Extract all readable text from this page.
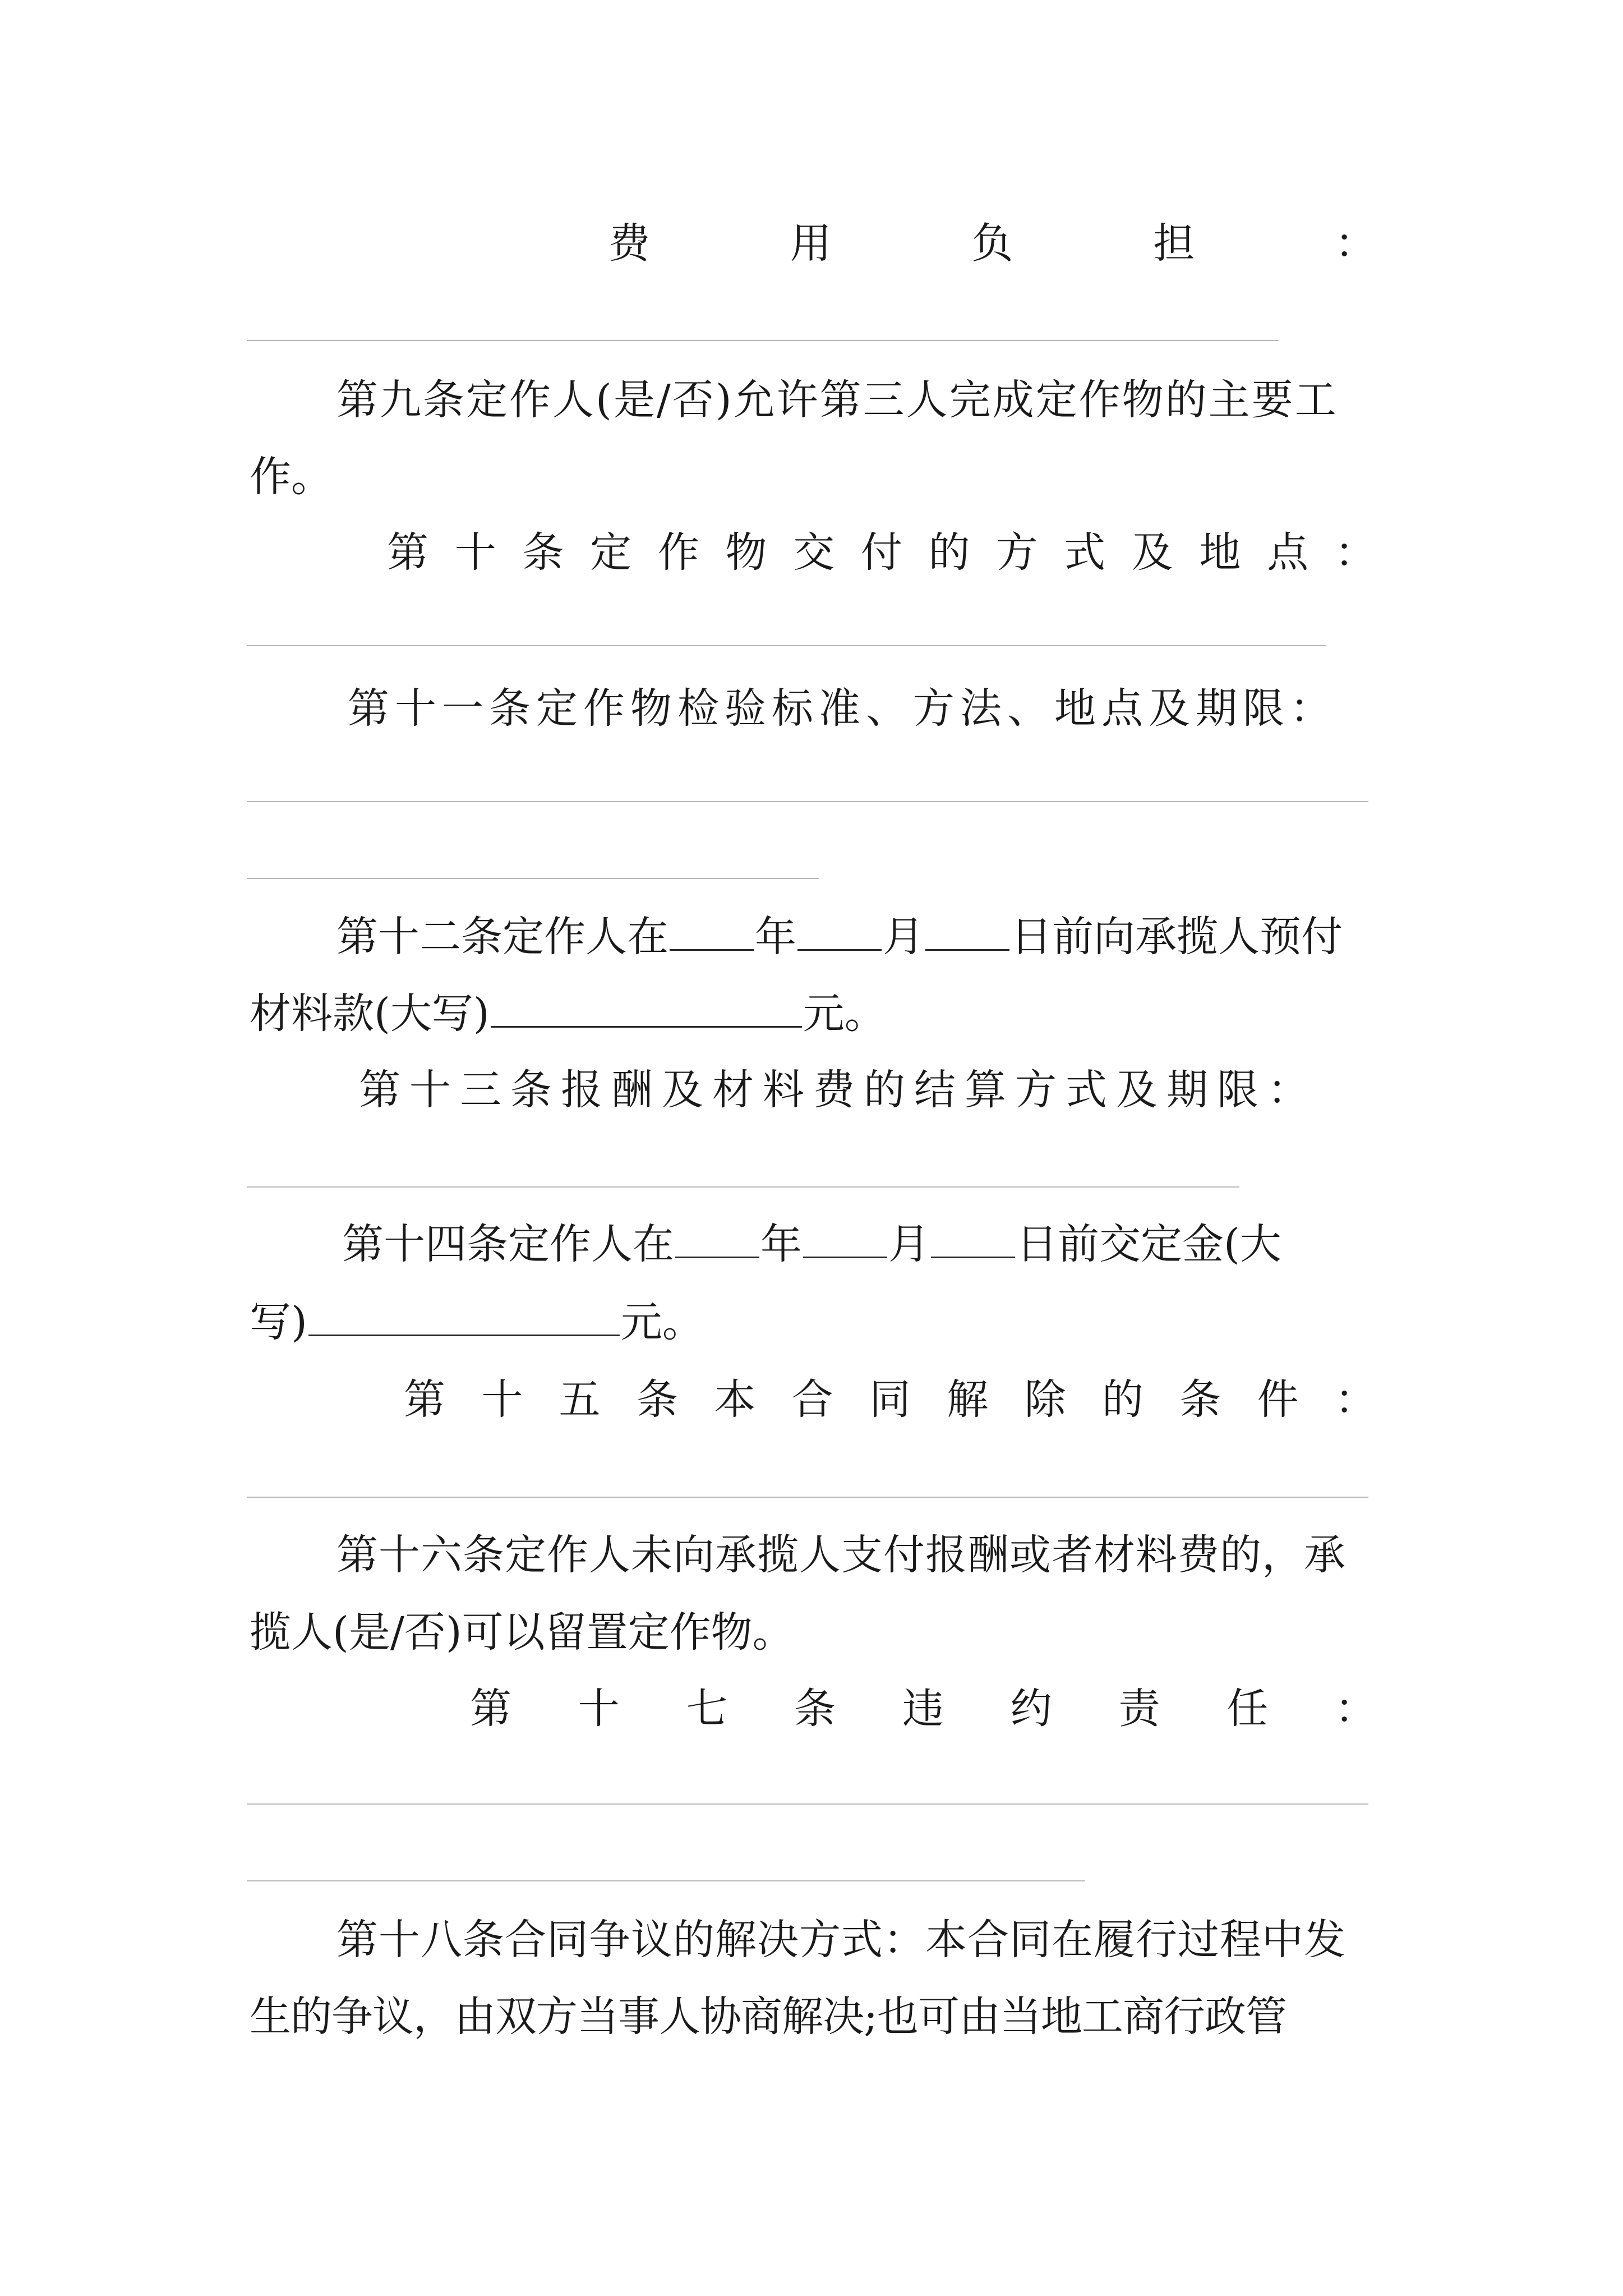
费	用	负	担	：
第九条定作人(是/否)允许第三人完成定作物的主要工
作。
第 十 条 定 作 物 交 付 的 方 式 及 地 点 ：
第十一条定作物检验标准、方法、地点及期限：
第十二条定作人在 年 月 日前向承揽人预付
材料款(大写)	元。
第十三条报酬及材料费的结算方式及期限：
第十四条定作人在 年 月 日前交定金(大
写)	元。
第 十 五 条 本 合 同 解 除 的 条 件 ：
第十六条定作人未向承揽人支付报酬或者材料费的，承
揽人(是/否)可以留置定作物。
第 十 七 条 违 约 责 任 ：
第十八条合同争议的解决方式：本合同在履行过程中发
生的争议，由双方当事人协商解决;也可由当地工商行政管
